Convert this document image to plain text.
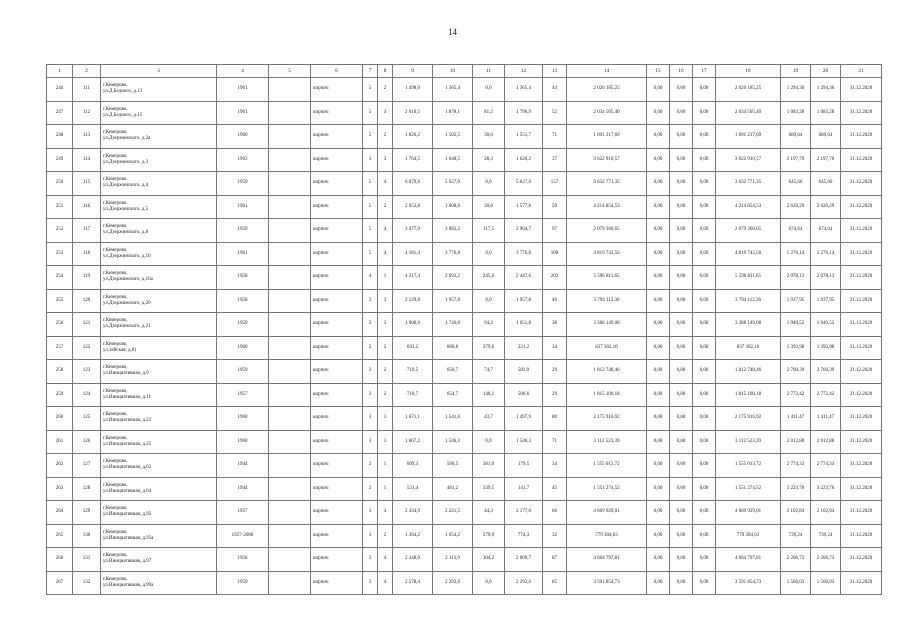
14
1	2	3	4	5	6	7	8	9	10	11	12	13	14	15	16	17	18	19	20	21
246	111	г.Кемерово,
ул.Д.Бедного, д.13	1961		кирпич	5	2	1 498,0	1 365,4	0,0	1 365,4	44	2 026 185,25	0,00	0,00	0,00	2 026 185,25	1 294,36	1 294,36	31.12.2020
247	112	г.Кемерово,
ул.Д.Бедного, д.15	1961		кирпич	5	3	2 010,5	1 878,1	81,2	1 796,9	52	2 034 505,40	0,00	0,00	0,00	2 034 505,40	1 083,28	1 083,28	31.12.2020
248	113	г.Кемерово,
ул.Дзержинского, д.2а	1960		кирпич	5	2	1 826,2	1 582,5	30,6	1 551,7	71	1 091 217,69	0,00	0,00	0,00	1 091 217,69	689,64	689,64	31.12.2020
249	114	г.Кемерово,
ул.Дзержинского, д.3	1963		кирпич	3	3	1 764,5	1 648,5	28,3	1 620,2	37	3 622 910,57	0,00	0,00	0,00	3 622 910,57	2 197,70	2 197,70	31.12.2020
250	115	г.Кемерово,
ул.Дзержинского, д.4	1959		кирпич	5	4	6 079,6	5 627,0	0,0	5 627,0	157	3 632 771,35	0,00	0,00	0,00	3 632 771,35	645,60	645,60	31.12.2020
251	116	г.Кемерово,
ул.Дзержинского, д.5	1961		кирпич	5	2	2 052,8	1 608,6	30,8	1 577,8	59	4 214 854,53	0,00	0,00	0,00	4 214 854,53	2 620,29	2 620,29	31.12.2020
252	117	г.Кемерово,
ул.Дзержинского, д.8	1959		кирпич	5	4	3 477,9	3 082,2	117,5	2 964,7	97	2 079 360,65	0,00	0,00	0,00	2 079 360,65	674,64	674,64	31.12.2020
253	118	г.Кемерово,
ул.Дзержинского, д.10	1961		кирпич	5	4	4 181,4	3 776,8	0,0	3 776,8	100	4 819 743,56	0,00	0,00	0,00	4 819 743,56	1 276,14	1 276,14	31.12.2020
254	119	г.Кемерово,
ул.Дзержинского, д.16а	1958		кирпич	4	1	4 217,4	2 693,2	245,6	2 447,6	202	5 596 811,65	0,00	0,00	0,00	5 596 811,65	2 078,13	2 078,13	31.12.2020
255	120	г.Кемерово,
ул.Дзержинского, д.20	1958		кирпич	3	3	2 129,8	1 957,8	0,0	1 957,8	46	3 794 112,36	0,00	0,00	0,00	3 794 112,36	1 937,95	1 937,95	31.12.2020
256	121	г.Кемерово,
ул.Дзержинского, д.21	1959		кирпич	3	3	1 900,6	1 746,0	94,2	1 651,8	38	3 388 149,08	0,00	0,00	0,00	3 388 149,08	1 940,52	1 940,52	31.12.2020
257	122	г.Кемерово,
ул.Зейская, д.8)	1960		кирпич	2	2	643,2	600,8	379,6	221,2	34	837 302,10	0,00	0,00	0,00	837 302,10	1 393,98	1 393,98	31.12.2020
258	123	г.Кемерово,
ул.Инициативная, д.9	1959		кирпич	2	2	719,5	656,7	74,7	582,0	29	1 812 748,46	0,00	0,00	0,00	1 812 748,46	2 760,39	2 760,39	31.12.2020
259	124	г.Кемерово,
ул.Инициативная, д.11	1957		кирпич	2	2	710,7	654,7	148,1	506,6	29	1 815 100,18	0,00	0,00	0,00	1 815 100,18	2 772,42	2 772,42	31.12.2020
260	125	г.Кемерово,
ул.Инициативная, д.23	1960		кирпич	3	3	1 671,1	1 541,6	43,7	1 497,9	80	2 175 916,92	0,00	0,00	0,00	2 175 916,92	1 411,47	1 411,47	31.12.2020
261	126	г.Кемерово,
ул.Инициативная, д.25	1960		кирпич	3	3	1 667,2	1 546,3	0,0	1 546,3	71	3 112 523,39	0,00	0,00	0,00	3 112 523,39	2 012,88	2 012,88	31.12.2020
262	127	г.Кемерово,
ул.Инициативная, д.62	1944		кирпич	2	1	609,3	560,5	381,0	179,5	34	1 555 013,72	0,00	0,00	0,00	1 555 013,72	2 774,33	2 774,33	31.12.2020
263	128	г.Кемерово,
ул.Инициативная, д.64	1944		кирпич	2	1	531,4	481,2	339,5	141,7	45	1 551 274,52	0,00	0,00	0,00	1 551 274,52	3 223,76	3 223,76	31.12.2020
264	129	г.Кемерово,
ул.Инициативная, д.95	1957		кирпич	3	4	2 434,9	2 221,5	44,3	2 177,0	66	4 669 929,01	0,00	0,00	0,00	4 669 929,01	2 102,84	2 102,84	31.12.2020
265	130	г.Кемерово,
ул.Инициативная, д.95а	1957-2006		кирпич	3	2	1 364,2	1 054,2	279,9	774,3	32	779 304,63	0,00	0,00	0,00	779 304,63	739,24	739,24	31.12.2020
266	131	г.Кемерово,
ул.Инициативная, д.97	1958		кирпич	3	4	2 348,0	2 113,9	104,2	2 009,7	87	4 664 797,81	0,00	0,00	0,00	4 664 797,81	2 206,73	2 206,73	31.12.2020
267	132	г.Кемерово,
ул.Инициативная, д.99а	1959		кирпич	3	4	2 578,4	2 293,6	0,0	2 293,6	85	3 591 854,73	0,00	0,00	0,00	3 591 854,73	1 566,03	1 566,03	31.12.2020
